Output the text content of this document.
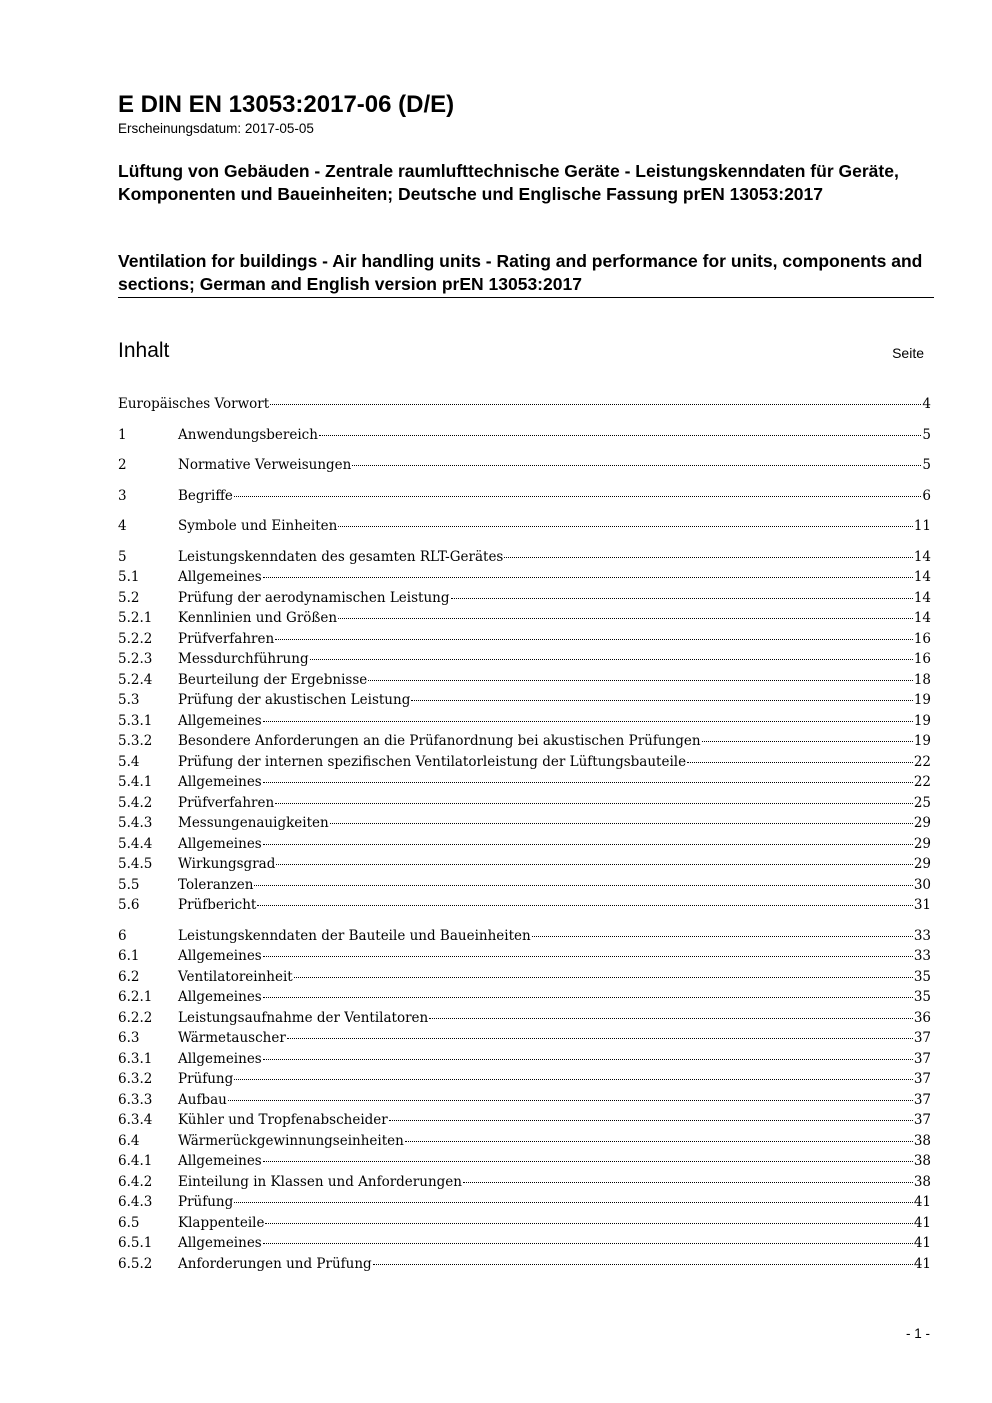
E DIN EN 13053:2017-06 (D/E)
Erscheinungsdatum: 2017-05-05
Lüftung von Gebäuden - Zentrale raumlufttechnische Geräte - Leistungskenndaten für Geräte, Komponenten und Baueinheiten; Deutsche und Englische Fassung prEN 13053:2017
Ventilation for buildings - Air handling units - Rating and performance for units, components and sections; German and English version prEN 13053:2017
Inhalt	Seite
Europäisches Vorwort	4
1	Anwendungsbereich	5
2	Normative Verweisungen	5
3	Begriffe	6
4	Symbole und Einheiten	11
5	Leistungskenndaten des gesamten RLT-Gerätes	14
5.1	Allgemeines	14
5.2	Prüfung der aerodynamischen Leistung	14
5.2.1	Kennlinien und Größen	14
5.2.2	Prüfverfahren	16
5.2.3	Messdurchführung	16
5.2.4	Beurteilung der Ergebnisse	18
5.3	Prüfung der akustischen Leistung	19
5.3.1	Allgemeines	19
5.3.2	Besondere Anforderungen an die Prüfanordnung bei akustischen Prüfungen	19
5.4	Prüfung der internen spezifischen Ventilatorleistung der Lüftungsbauteile	22
5.4.1	Allgemeines	22
5.4.2	Prüfverfahren	25
5.4.3	Messungenauigkeiten	29
5.4.4	Allgemeines	29
5.4.5	Wirkungsgrad	29
5.5	Toleranzen	30
5.6	Prüfbericht	31
6	Leistungskenndaten der Bauteile und Baueinheiten	33
6.1	Allgemeines	33
6.2	Ventilatoreinheit	35
6.2.1	Allgemeines	35
6.2.2	Leistungsaufnahme der Ventilatoren	36
6.3	Wärmetauscher	37
6.3.1	Allgemeines	37
6.3.2	Prüfung	37
6.3.3	Aufbau	37
6.3.4	Kühler und Tropfenabscheider	37
6.4	Wärmerückgewinnungseinheiten	38
6.4.1	Allgemeines	38
6.4.2	Einteilung in Klassen und Anforderungen	38
6.4.3	Prüfung	41
6.5	Klappenteile	41
6.5.1	Allgemeines	41
6.5.2	Anforderungen und Prüfung	41
- 1 -
